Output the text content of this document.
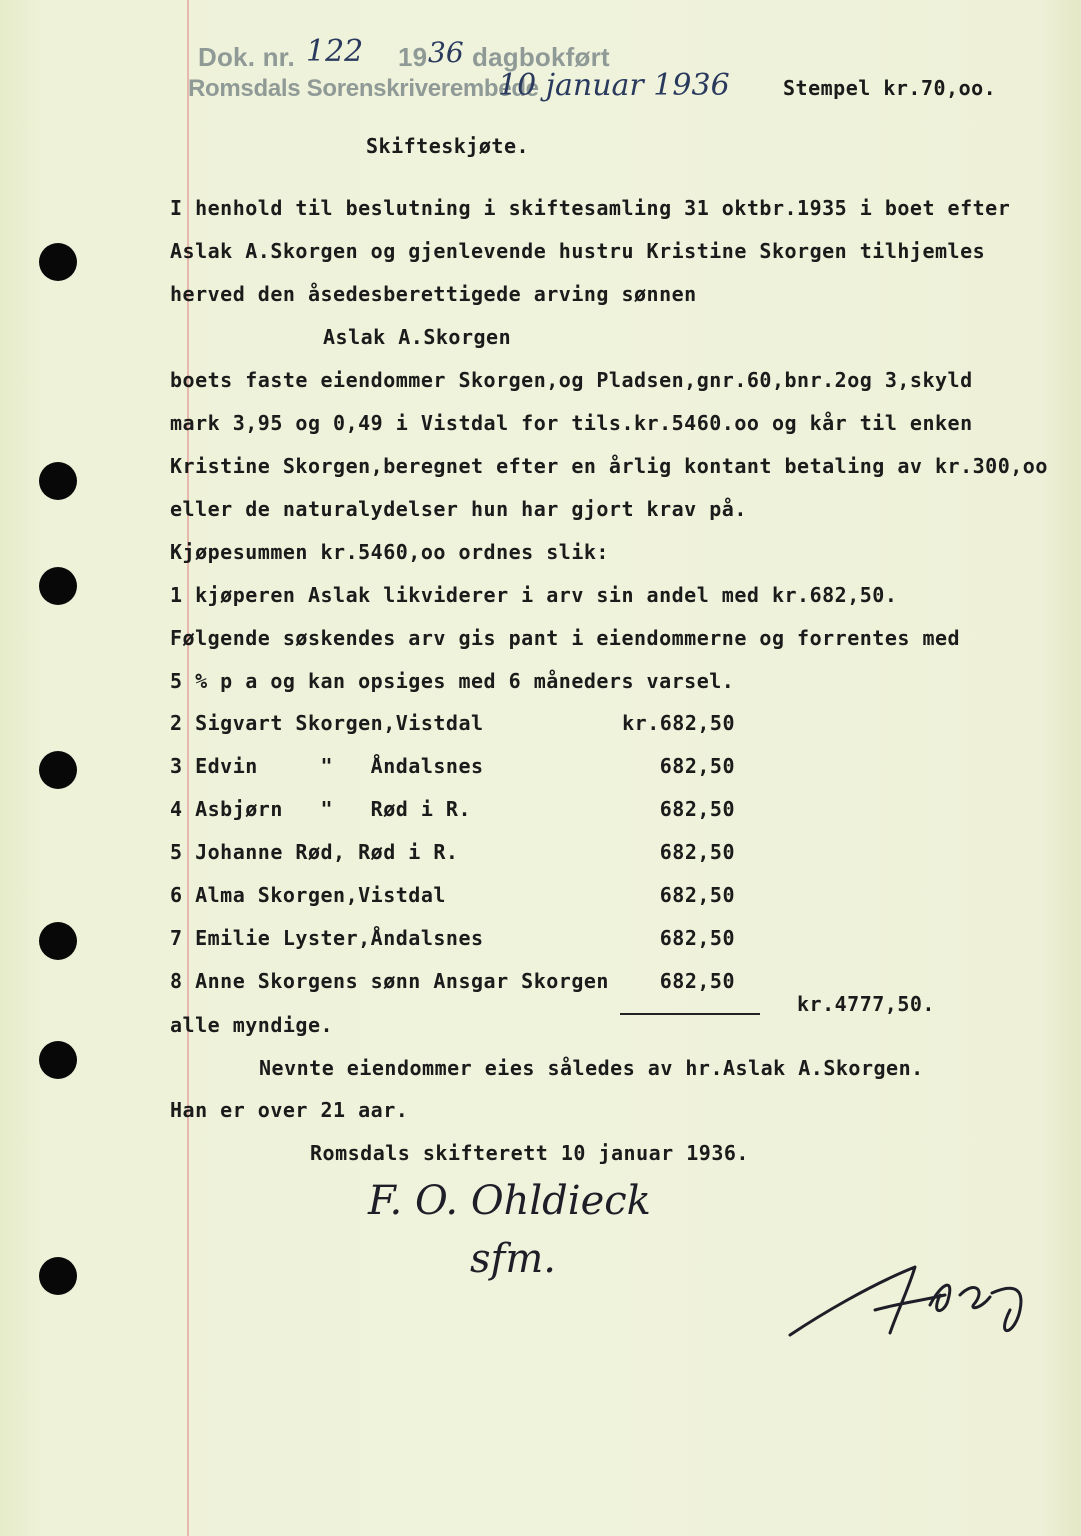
Dok. nr. 122 19 36 dagbokført
Romsdals Sorenskriverembede
10 januar 1936	Stempel kr.70,oo.
Skifteskjøte.
I henhold til beslutning i skiftesamling 31 oktbr.1935 i boet efter
Aslak A.Skorgen og gjenlevende hustru Kristine Skorgen tilhjemles
herved den åsedesberettigede arving sønnen
Aslak A.Skorgen
boets faste eiendommer Skorgen,og Pladsen,gnr.60,bnr.2og 3,skyld
mark 3,95 og 0,49 i Vistdal for tils.kr.5460.oo og kår til enken
Kristine Skorgen,beregnet efter en årlig kontant betaling av kr.300,oo
eller de naturalydelser hun har gjort krav på.
Kjøpesummen kr.5460,oo ordnes slik:
1 kjøperen Aslak likviderer i arv sin andel med kr.682,50.
Følgende søskendes arv gis pant i eiendommerne og forrentes med
5 % p a og kan opsiges med 6 måneders varsel.
2 Sigvart Skorgen,Vistdal	kr.682,50
3 Edvin     "   Åndalsnes	682,50
4 Asbjørn   "   Rød i R.	682,50
5 Johanne Rød, Rød i R.	682,50
6 Alma Skorgen,Vistdal	682,50
7 Emilie Lyster,Åndalsnes	682,50
8 Anne Skorgens sønn Ansgar Skorgen	682,50
kr.4777,50.
alle myndige.
Nevnte eiendommer eies således av hr.Aslak A.Skorgen.
Han er over 21 aar.
Romsdals skifterett 10 januar 1936.
F. O. Ohldieck
sfm.
